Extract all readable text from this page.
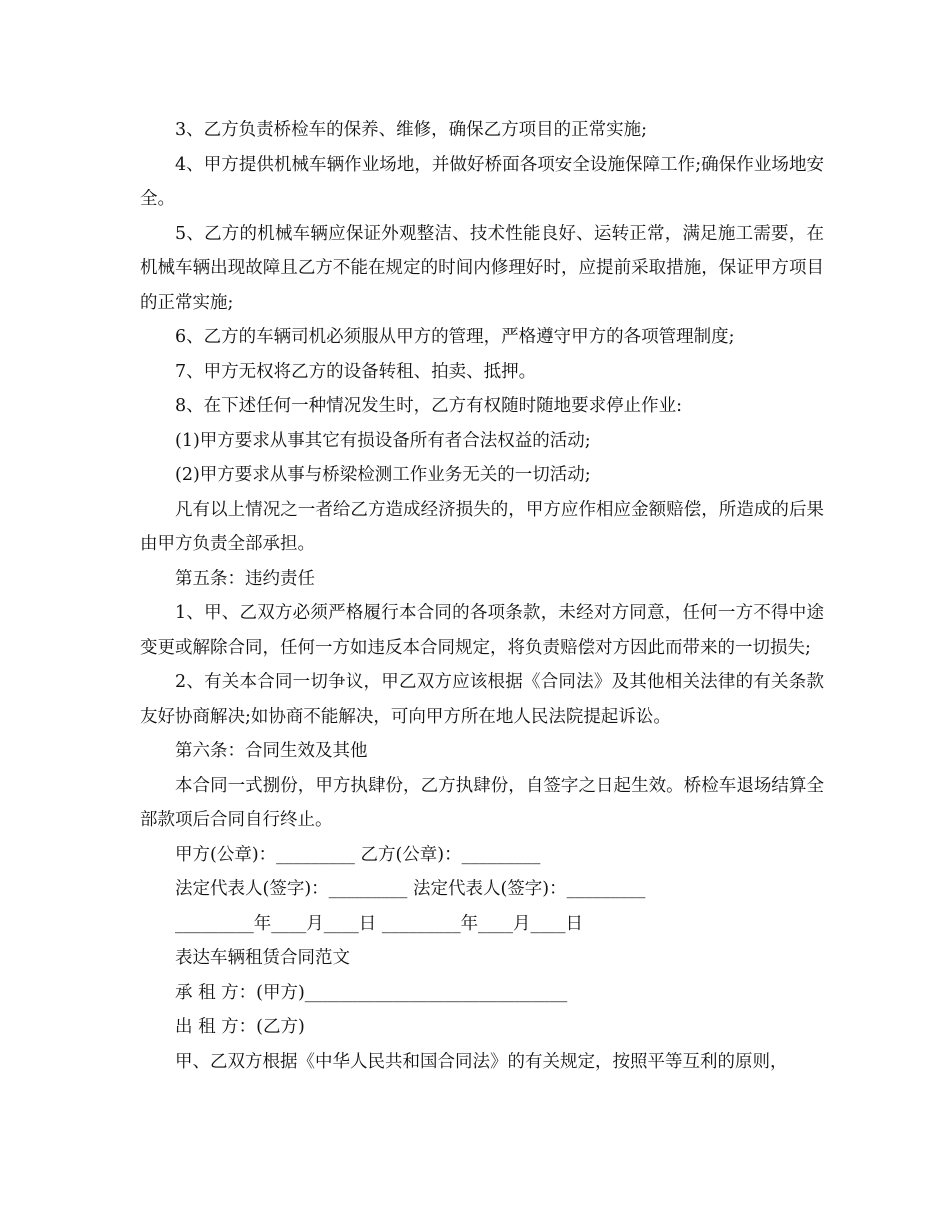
3、乙方负责桥检车的保养、维修，确保乙方项目的正常实施;

4、甲方提供机械车辆作业场地，并做好桥面各项安全设施保障工作;确保作业场地安全。

5、乙方的机械车辆应保证外观整洁、技术性能良好、运转正常，满足施工需要，在机械车辆出现故障且乙方不能在规定的时间内修理好时，应提前采取措施，保证甲方项目的正常实施;

6、乙方的车辆司机必须服从甲方的管理，严格遵守甲方的各项管理制度;

7、甲方无权将乙方的设备转租、拍卖、抵押。

8、在下述任何一种情况发生时，乙方有权随时随地要求停止作业:

(1)甲方要求从事其它有损设备所有者合法权益的活动;

(2)甲方要求从事与桥梁检测工作业务无关的一切活动;

凡有以上情况之一者给乙方造成经济损失的，甲方应作相应金额赔偿，所造成的后果由甲方负责全部承担。

第五条：违约责任

1、甲、乙双方必须严格履行本合同的各项条款，未经对方同意，任何一方不得中途变更或解除合同，任何一方如违反本合同规定，将负责赔偿对方因此而带来的一切损失;

2、有关本合同一切争议，甲乙双方应该根据《合同法》及其他相关法律的有关条款友好协商解决;如协商不能解决，可向甲方所在地人民法院提起诉讼。

第六条：合同生效及其他

本合同一式捌份，甲方执肆份，乙方执肆份，自签字之日起生效。桥检车退场结算全部款项后合同自行终止。

甲方(公章)：_________ 乙方(公章)：_________

法定代表人(签字)：_________ 法定代表人(签字)：_________

_________年____月____日 _________年____月____日

表达车辆租赁合同范文

承 租 方：(甲方)______________________________

出 租 方：(乙方)

甲、乙双方根据《中华人民共和国合同法》的有关规定，按照平等互利的原则，
